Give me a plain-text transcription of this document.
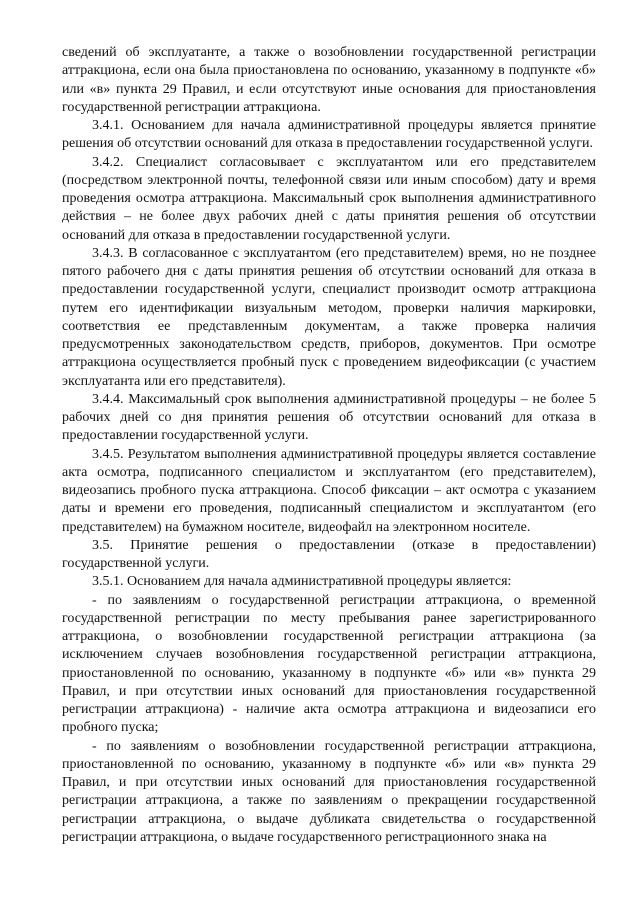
сведений об эксплуатанте, а также о возобновлении государственной регистрации аттракциона, если она была приостановлена по основанию, указанному в подпункте «б» или «в» пункта 29 Правил, и если отсутствуют иные основания для приостановления государственной регистрации аттракциона.

3.4.1. Основанием для начала административной процедуры является принятие решения об отсутствии оснований для отказа в предоставлении государственной услуги.

3.4.2. Специалист согласовывает с эксплуатантом или его представителем (посредством электронной почты, телефонной связи или иным способом) дату и время проведения осмотра аттракциона. Максимальный срок выполнения административного действия – не более двух рабочих дней с даты принятия решения об отсутствии оснований для отказа в предоставлении государственной услуги.

3.4.3. В согласованное с эксплуатантом (его представителем) время, но не позднее пятого рабочего дня с даты принятия решения об отсутствии оснований для отказа в предоставлении государственной услуги, специалист производит осмотр аттракциона путем его идентификации визуальным методом, проверки наличия маркировки, соответствия ее представленным документам, а также проверка наличия предусмотренных законодательством средств, приборов, документов. При осмотре аттракциона осуществляется пробный пуск с проведением видеофиксации (с участием эксплуатанта или его представителя).

3.4.4. Максимальный срок выполнения административной процедуры – не более 5 рабочих дней со дня принятия решения об отсутствии оснований для отказа в предоставлении государственной услуги.

3.4.5. Результатом выполнения административной процедуры является составление акта осмотра, подписанного специалистом и эксплуатантом (его представителем), видеозапись пробного пуска аттракциона. Способ фиксации – акт осмотра с указанием даты и времени его проведения, подписанный специалистом и эксплуатантом (его представителем) на бумажном носителе, видеофайл на электронном носителе.

3.5. Принятие решения о предоставлении (отказе в предоставлении) государственной услуги.

3.5.1. Основанием для начала административной процедуры является:

- по заявлениям о государственной регистрации аттракциона, о временной государственной регистрации по месту пребывания ранее зарегистрированного аттракциона, о возобновлении государственной регистрации аттракциона (за исключением случаев возобновления государственной регистрации аттракциона, приостановленной по основанию, указанному в подпункте «б» или «в» пункта 29 Правил, и при отсутствии иных оснований для приостановления государственной регистрации аттракциона) - наличие акта осмотра аттракциона и видеозаписи его пробного пуска;

- по заявлениям о возобновлении государственной регистрации аттракциона, приостановленной по основанию, указанному в подпункте «б» или «в» пункта 29 Правил, и при отсутствии иных оснований для приостановления государственной регистрации аттракциона, а также по заявлениям о прекращении государственной регистрации аттракциона, о выдаче дубликата свидетельства о государственной регистрации аттракциона, о выдаче государственного регистрационного знака на
